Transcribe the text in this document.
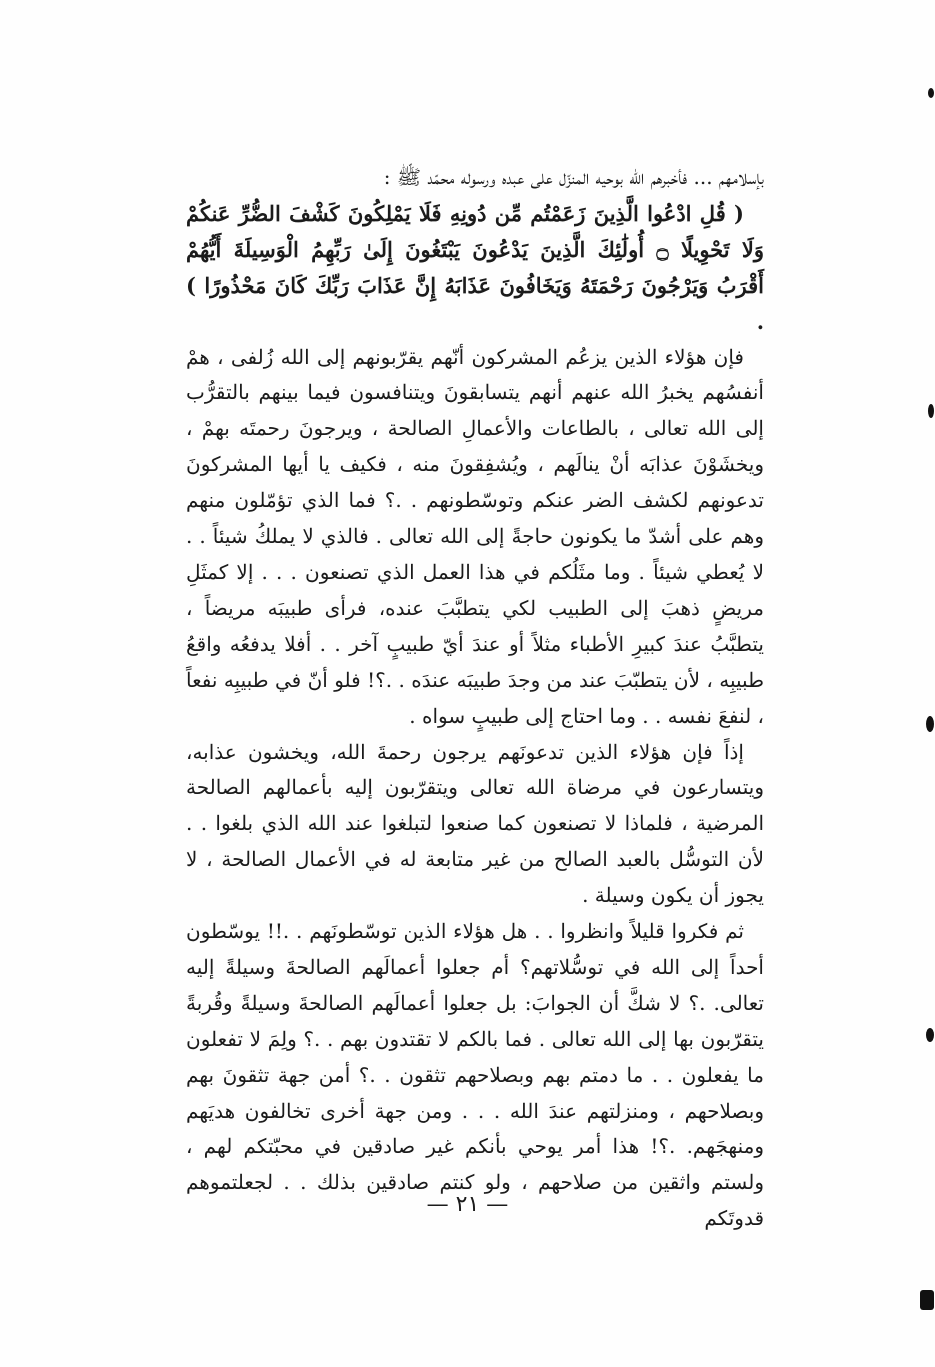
بإسلامهم ... فأخبرهم الله بوحيه المنزّل على عبده ورسوله محمّد ﷺ :

( قُلِ ادْعُوا الَّذِينَ زَعَمْتُم مِّن دُونِهِ فَلَا يَمْلِكُونَ كَشْفَ الضُّرِّ عَنكُمْ وَلَا تَحْوِيلًا ۝ أُولَٰئِكَ الَّذِينَ يَدْعُونَ يَبْتَغُونَ إِلَىٰ رَبِّهِمُ الْوَسِيلَةَ أَيُّهُمْ أَقْرَبُ وَيَرْجُونَ رَحْمَتَهُ وَيَخَافُونَ عَذَابَهُ إِنَّ عَذَابَ رَبِّكَ كَانَ مَحْذُورًا ) .

فإن هؤلاء الذين يزعُم المشركون أنّهم يقرّبونهم إلى الله زُلفى ، همْ أنفسُهم يخبرُ الله عنهم أنهم يتسابقونَ ويتنافسون فيما بينهم بالتقرُّب إلى الله تعالى ، بالطاعات والأعمالِ الصالحة ، ويرجونَ رحمتَه بهمْ ، ويخشَوْنَ عذابَه أنْ ينالَهم ، ويُشفِقونَ منه ، فكيف يا أيها المشركونَ تدعونهم لكشف الضر عنكم وتوسّطونهم . .؟ فما الذي تؤمّلون منهم وهم على أشدّ ما يكونون حاجةً إلى الله تعالى . فالذي لا يملكُ شيئاً . . لا يُعطي شيئاً . وما مثَلُكم في هذا العمل الذي تصنعون . . . إلا كمثَلِ مريضٍ ذهبَ إلى الطبيب لكي يتطبَّبَ عنده، فرأى طبيبَه مريضاً ، يتطبَّبُ عندَ كبيرِ الأطباء مثلاً أو عندَ أيّ طبيبٍ آخر . . أفلا يدفعُه واقعُ طبيبِه ، لأن يتطبّبَ عند من وجدَ طبيبَه عندَه . .؟! فلو أنّ في طبيبِه نفعاً ، لنفعَ نفسه . . وما احتاج إلى طبيبٍ سواه .

إذاً فإن هؤلاء الذين تدعونَهم يرجون رحمةَ الله، ويخشون عذابه، ويتسارعون في مرضاة الله تعالى ويتقرّبون إليه بأعمالهم الصالحة المرضية ، فلماذا لا تصنعون كما صنعوا لتبلغوا عند الله الذي بلغوا . . لأن التوسُّل بالعبد الصالح من غير متابعة له في الأعمال الصالحة ، لا يجوز أن يكون وسيلة .

ثم فكروا قليلاً وانظروا . . هل هؤلاء الذين توسّطونَهم . .!! يوسّطون أحداً إلى الله في توسُّلاتهم؟ أم جعلوا أعمالَهم الصالحةَ وسيلةً إليه تعالى. .؟ لا شكَّ أن الجوابَ: بل جعلوا أعمالَهم الصالحةَ وسيلةً وقُربةً يتقرّبون بها إلى الله تعالى . فما بالكم لا تقتدون بهم . .؟ ولِمَ لا تفعلون ما يفعلون . . ما دمتم بهم وبصلاحهم تثقون . .؟ أمن جهة تثقونَ بهم وبصلاحهم ، ومنزلتهم عندَ الله . . . ومن جهة أخرى تخالفون هديَهم ومنهجَهم. .؟! هذا أمر يوحي بأنكم غير صادقين في محبّتكم لهم ، ولستم واثقين من صلاحهم ، ولو كنتم صادقين بذلك . . لجعلتموهم قدوتَكم

— ٢١ —
